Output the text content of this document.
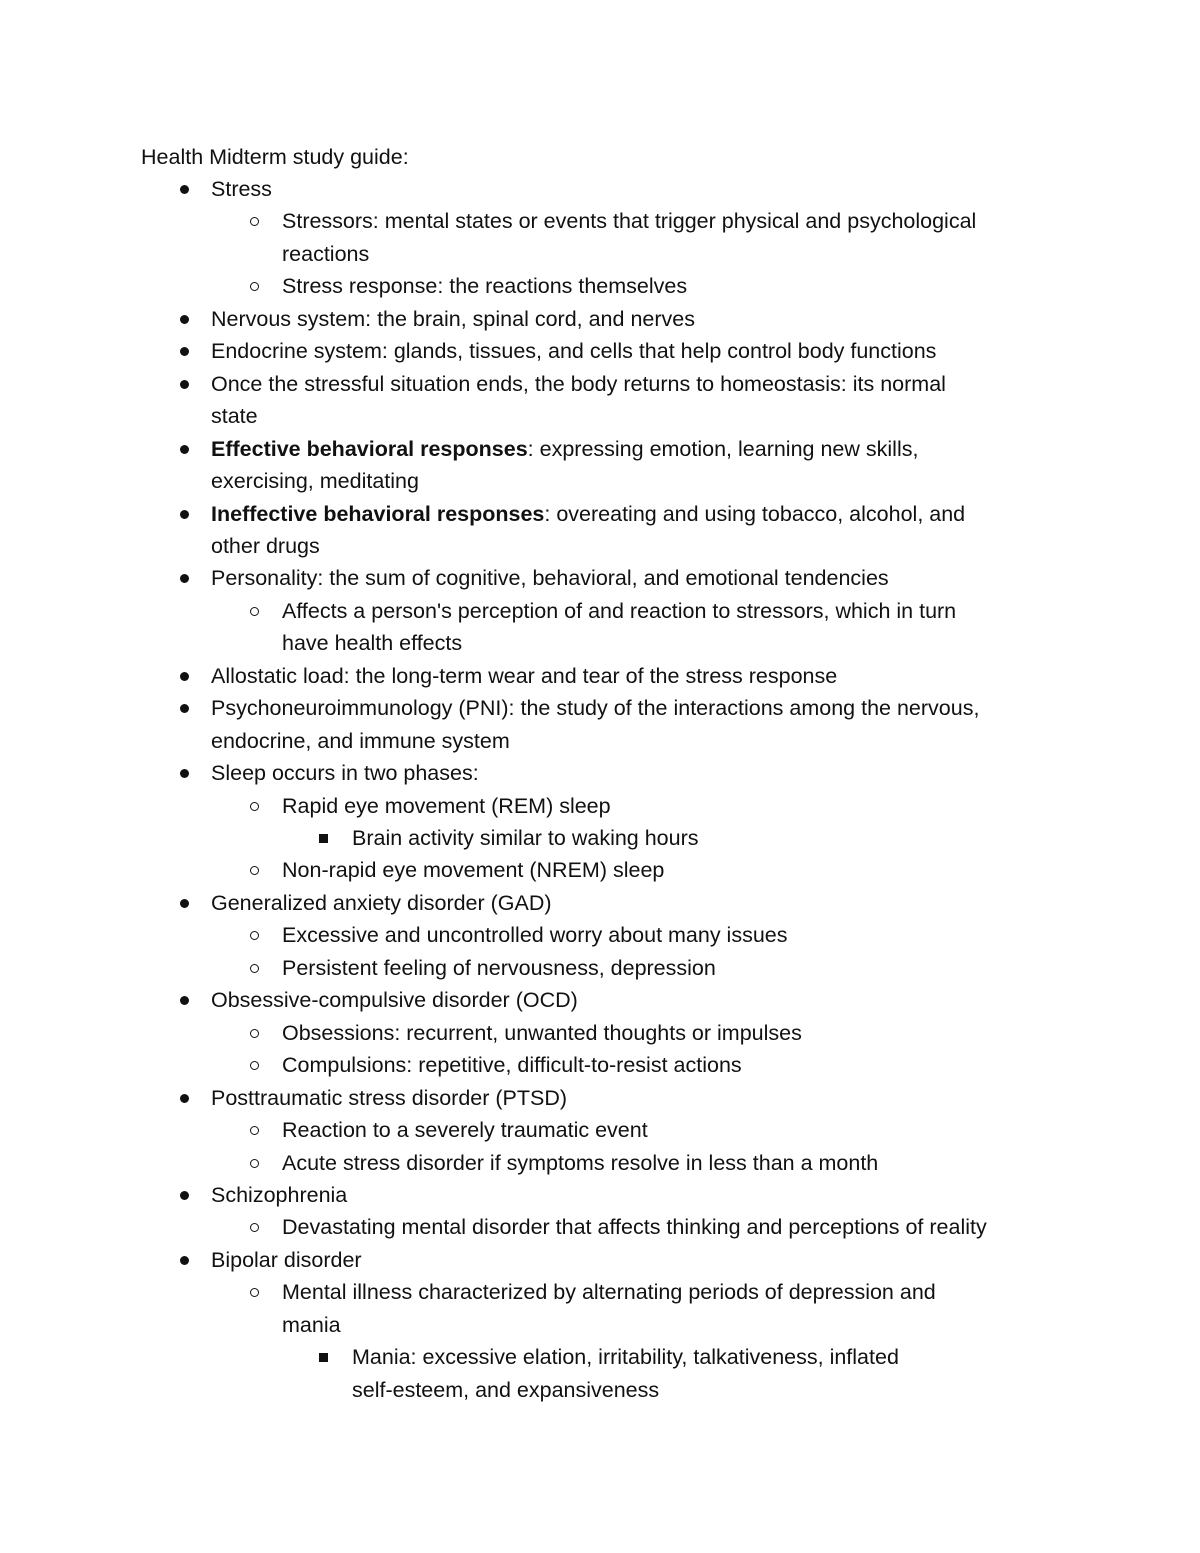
Health Midterm study guide:
Stress
Stressors: mental states or events that trigger physical and psychological
reactions
Stress response: the reactions themselves
Nervous system: the brain, spinal cord, and nerves
Endocrine system: glands, tissues, and cells that help control body functions
Once the stressful situation ends, the body returns to homeostasis: its normal
state
Effective behavioral responses: expressing emotion, learning new skills,
exercising, meditating
Ineffective behavioral responses: overeating and using tobacco, alcohol, and
other drugs
Personality: the sum of cognitive, behavioral, and emotional tendencies
Affects a person's perception of and reaction to stressors, which in turn
have health effects
Allostatic load: the long-term wear and tear of the stress response
Psychoneuroimmunology (PNI): the study of the interactions among the nervous,
endocrine, and immune system
Sleep occurs in two phases:
Rapid eye movement (REM) sleep
Brain activity similar to waking hours
Non-rapid eye movement (NREM) sleep
Generalized anxiety disorder (GAD)
Excessive and uncontrolled worry about many issues
Persistent feeling of nervousness, depression
Obsessive-compulsive disorder (OCD)
Obsessions: recurrent, unwanted thoughts or impulses
Compulsions: repetitive, difficult-to-resist actions
Posttraumatic stress disorder (PTSD)
Reaction to a severely traumatic event
Acute stress disorder if symptoms resolve in less than a month
Schizophrenia
Devastating mental disorder that affects thinking and perceptions of reality
Bipolar disorder
Mental illness characterized by alternating periods of depression and
mania
Mania: excessive elation, irritability, talkativeness, inflated
self-esteem, and expansiveness
